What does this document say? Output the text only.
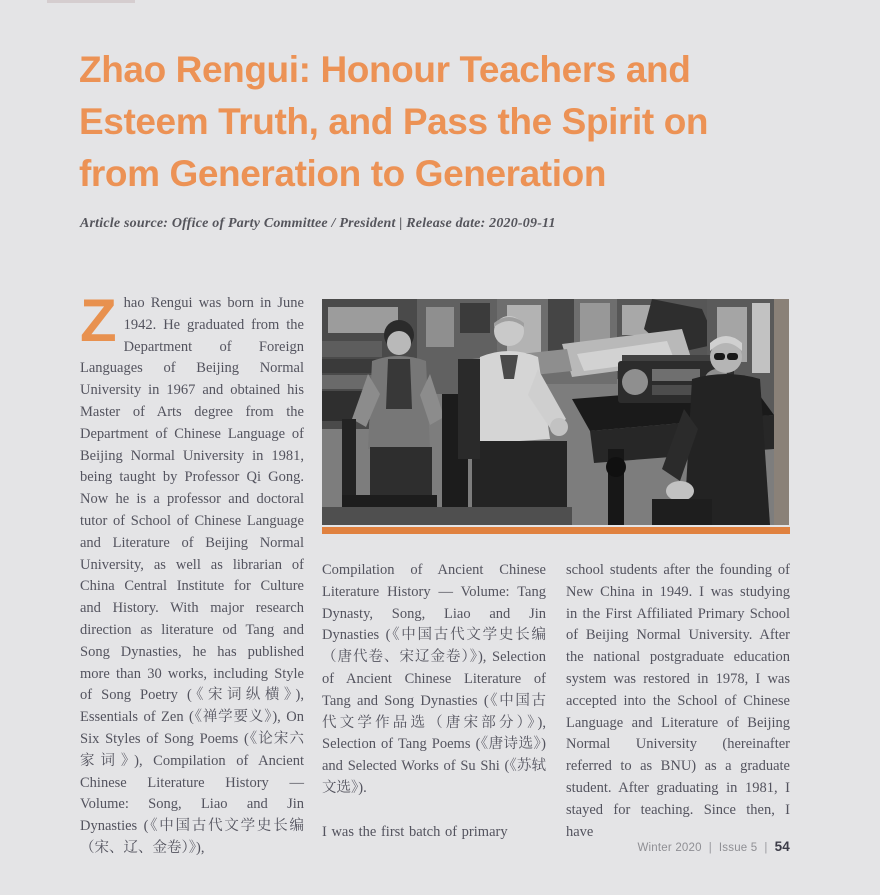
Zhao Rengui: Honour Teachers and
Esteem Truth, and Pass the Spirit on
from Generation to Generation

Article source: Office of Party Committee / President | Release date: 2020-09-11

Zhao Rengui was born in June 1942. He graduated from the Department of Foreign Languages of Beijing Normal University in 1967 and obtained his Master of Arts degree from the Department of Chinese Language of Beijing Normal University in 1981, being taught by Professor Qi Gong. Now he is a professor and doctoral tutor of School of Chinese Language and Literature of Beijing Normal University, as well as librarian of China Central Institute for Culture and History. With major research direction as literature od Tang and Song Dynasties, he has published more than 30 works, including Style of Song Poetry (《宋词纵横》), Essentials of Zen (《禅学要义》), On Six Styles of Song Poems (《论宋六家词》), Compilation of Ancient Chinese Literature History — Volume: Song, Liao and Jin Dynasties (《中国古代文学史长编（宋、辽、金卷）》),

Compilation of Ancient Chinese Literature History — Volume: Tang Dynasty, Song, Liao and Jin Dynasties (《中国古代文学史长编（唐代卷、宋辽金卷）》), Selection of Ancient Chinese Literature of Tang and Song Dynasties (《中国古代文学作品选（唐宋部分）》), Selection of Tang Poems (《唐诗选》) and Selected Works of Su Shi (《苏轼文选》).

I was the first batch of primary

school students after the founding of New China in 1949. I was studying in the First Affiliated Primary School of Beijing Normal University. After the national postgraduate education system was restored in 1978, I was accepted into the School of Chinese Language and Literature of Beijing Normal University (hereinafter referred to as BNU) as a graduate student. After graduating in 1981, I stayed for teaching. Since then, I have

Winter 2020 | Issue 5 | 54
